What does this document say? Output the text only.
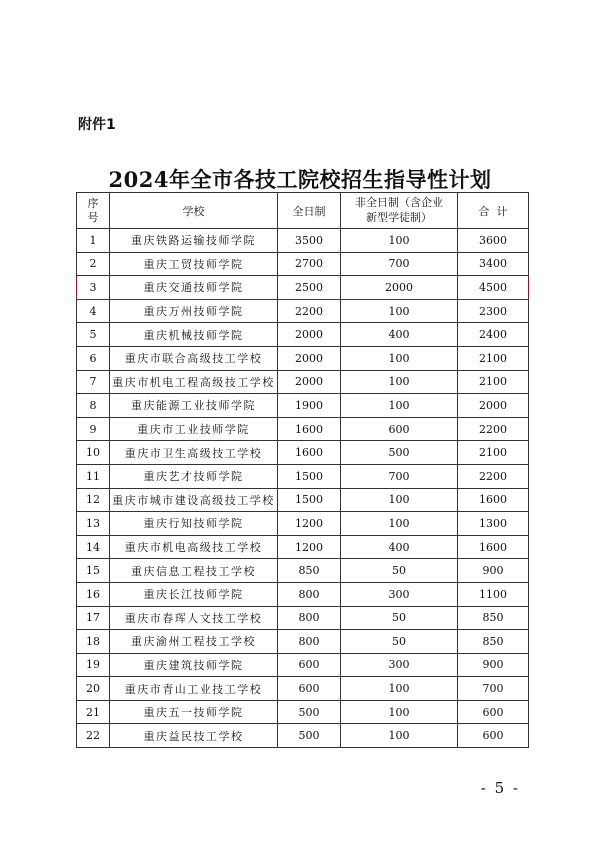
附件1
2024年全市各技工院校招生指导性计划
序
号	学校	全日制	非全日制（含企业
新型学徒制）	合  计
1	重庆铁路运输技师学院	3500	100	3600
2	重庆工贸技师学院	2700	700	3400
3	重庆交通技师学院	2500	2000	4500
4	重庆万州技师学院	2200	100	2300
5	重庆机械技师学院	2000	400	2400
6	重庆市联合高级技工学校	2000	100	2100
7	重庆市机电工程高级技工学校	2000	100	2100
8	重庆能源工业技师学院	1900	100	2000
9	重庆市工业技师学院	1600	600	2200
10	重庆市卫生高级技工学校	1600	500	2100
11	重庆艺才技师学院	1500	700	2200
12	重庆市城市建设高级技工学校	1500	100	1600
13	重庆行知技师学院	1200	100	1300
14	重庆市机电高级技工学校	1200	400	1600
15	重庆信息工程技工学校	850	50	900
16	重庆长江技师学院	800	300	1100
17	重庆市春珲人文技工学校	800	50	850
18	重庆渝州工程技工学校	800	50	850
19	重庆建筑技师学院	600	300	900
20	重庆市青山工业技工学校	600	100	700
21	重庆五一技师学院	500	100	600
22	重庆益民技工学校	500	100	600
- 5 -
